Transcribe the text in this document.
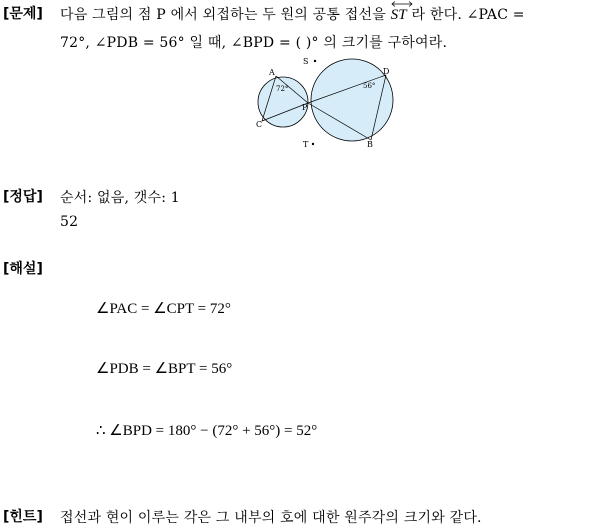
[문제] 다음 그림의 점 P 에서 외접하는 두 원의 공통 접선을
ST 라 한다. ∠PAC =
72°, ∠PDB = 56° 일 때, ∠BPD = ( )° 의 크기를 구하여라.
S
T
A
C
D
B
P
72°	56°
[정답] 순서: 없음, 갯수: 1
52
[해설]
∠PAC = ∠CPT = 72°
∠PDB = ∠BPT = 56°
∴ ∠BPD = 180° − (72° + 56°) = 52°
[힌트] 접선과 현이 이루는 각은 그 내부의 호에 대한 원주각의 크기와 같다.
